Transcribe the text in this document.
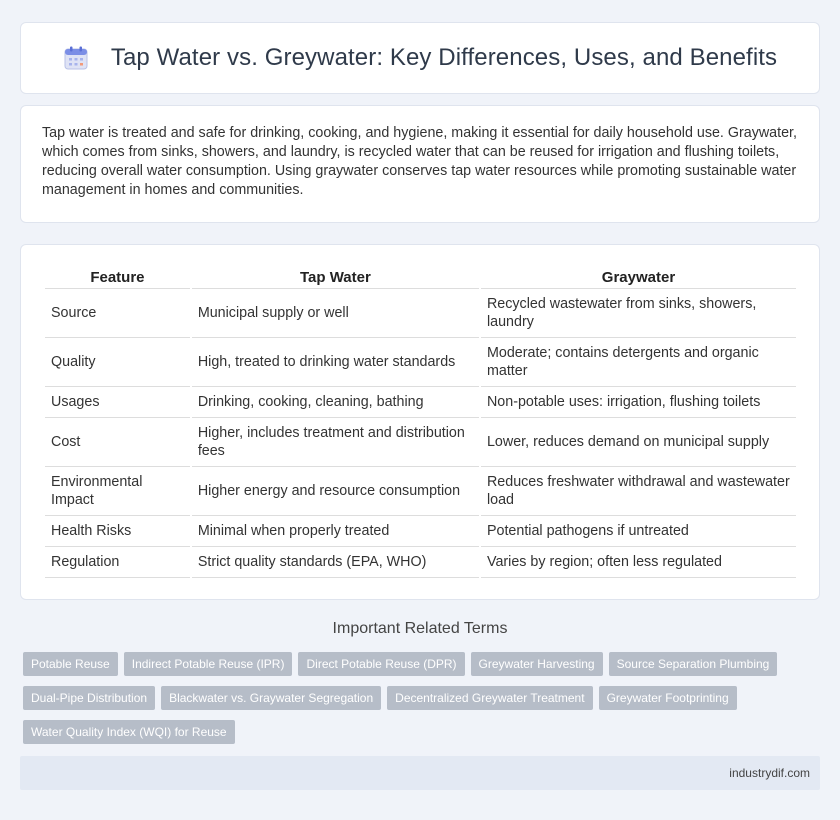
Tap Water vs. Greywater: Key Differences, Uses, and Benefits

Tap water is treated and safe for drinking, cooking, and hygiene, making it essential for daily household use. Graywater, which comes from sinks, showers, and laundry, is recycled water that can be reused for irrigation and flushing toilets, reducing overall water consumption. Using graywater conserves tap water resources while promoting sustainable water management in homes and communities.

Feature	Tap Water	Graywater
Source	Municipal supply or well	Recycled wastewater from sinks, showers, laundry
Quality	High, treated to drinking water standards	Moderate; contains detergents and organic matter
Usages	Drinking, cooking, cleaning, bathing	Non-potable uses: irrigation, flushing toilets
Cost	Higher, includes treatment and distribution fees	Lower, reduces demand on municipal supply
Environmental Impact	Higher energy and resource consumption	Reduces freshwater withdrawal and wastewater load
Health Risks	Minimal when properly treated	Potential pathogens if untreated
Regulation	Strict quality standards (EPA, WHO)	Varies by region; often less regulated
Important Related Terms
Potable Reuse	Indirect Potable Reuse (IPR)	Direct Potable Reuse (DPR)	Greywater Harvesting	Source Separation Plumbing
Dual-Pipe Distribution	Blackwater vs. Graywater Segregation	Decentralized Greywater Treatment	Greywater Footprinting
Water Quality Index (WQI) for Reuse
industrydif.com
